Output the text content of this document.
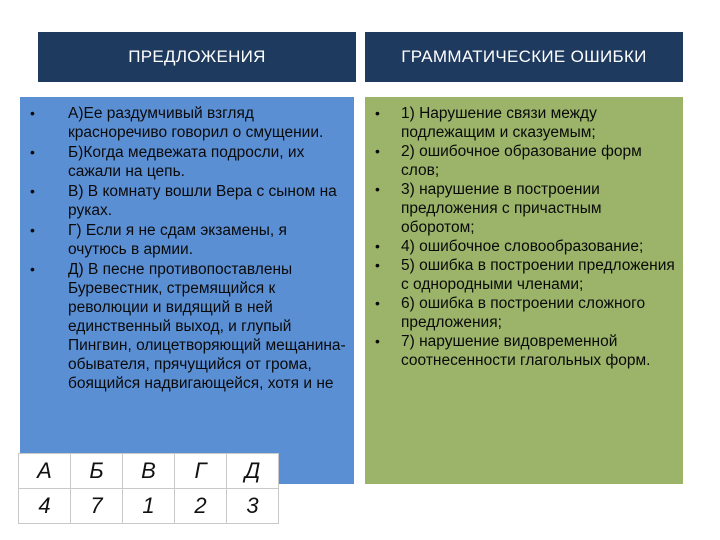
ПРЕДЛОЖЕНИЯ	ГРАММАТИЧЕСКИЕ ОШИБКИ
• А)Ее раздумчивый взгляд красноречиво говорил о смущении.
• Б)Когда медвежата подросли, их сажали на цепь.
• В) В комнату вошли Вера с сыном на руках.
• Г) Если я не сдам экзамены, я очутюсь в армии.
• Д) В песне противопоставлены Буревестник, стремящийся к революции и видящий в ней единственный выход, и глупый Пингвин, олицетворяющий мещанина- обывателя, прячущийся от грома, боящийся надвигающейся, хотя и не
• 1) Нарушение связи между подлежащим и сказуемым;
• 2) ошибочное образование форм слов;
• 3) нарушение в построении предложения с причастным оборотом;
• 4) ошибочное словообразование;
• 5) ошибка в построении предложения с однородными членами;
• 6) ошибка в построении сложного предложения;
• 7) нарушение видовременной соотнесенности глагольных форм.
А	Б	В	Г	Д
4	7	1	2	3
